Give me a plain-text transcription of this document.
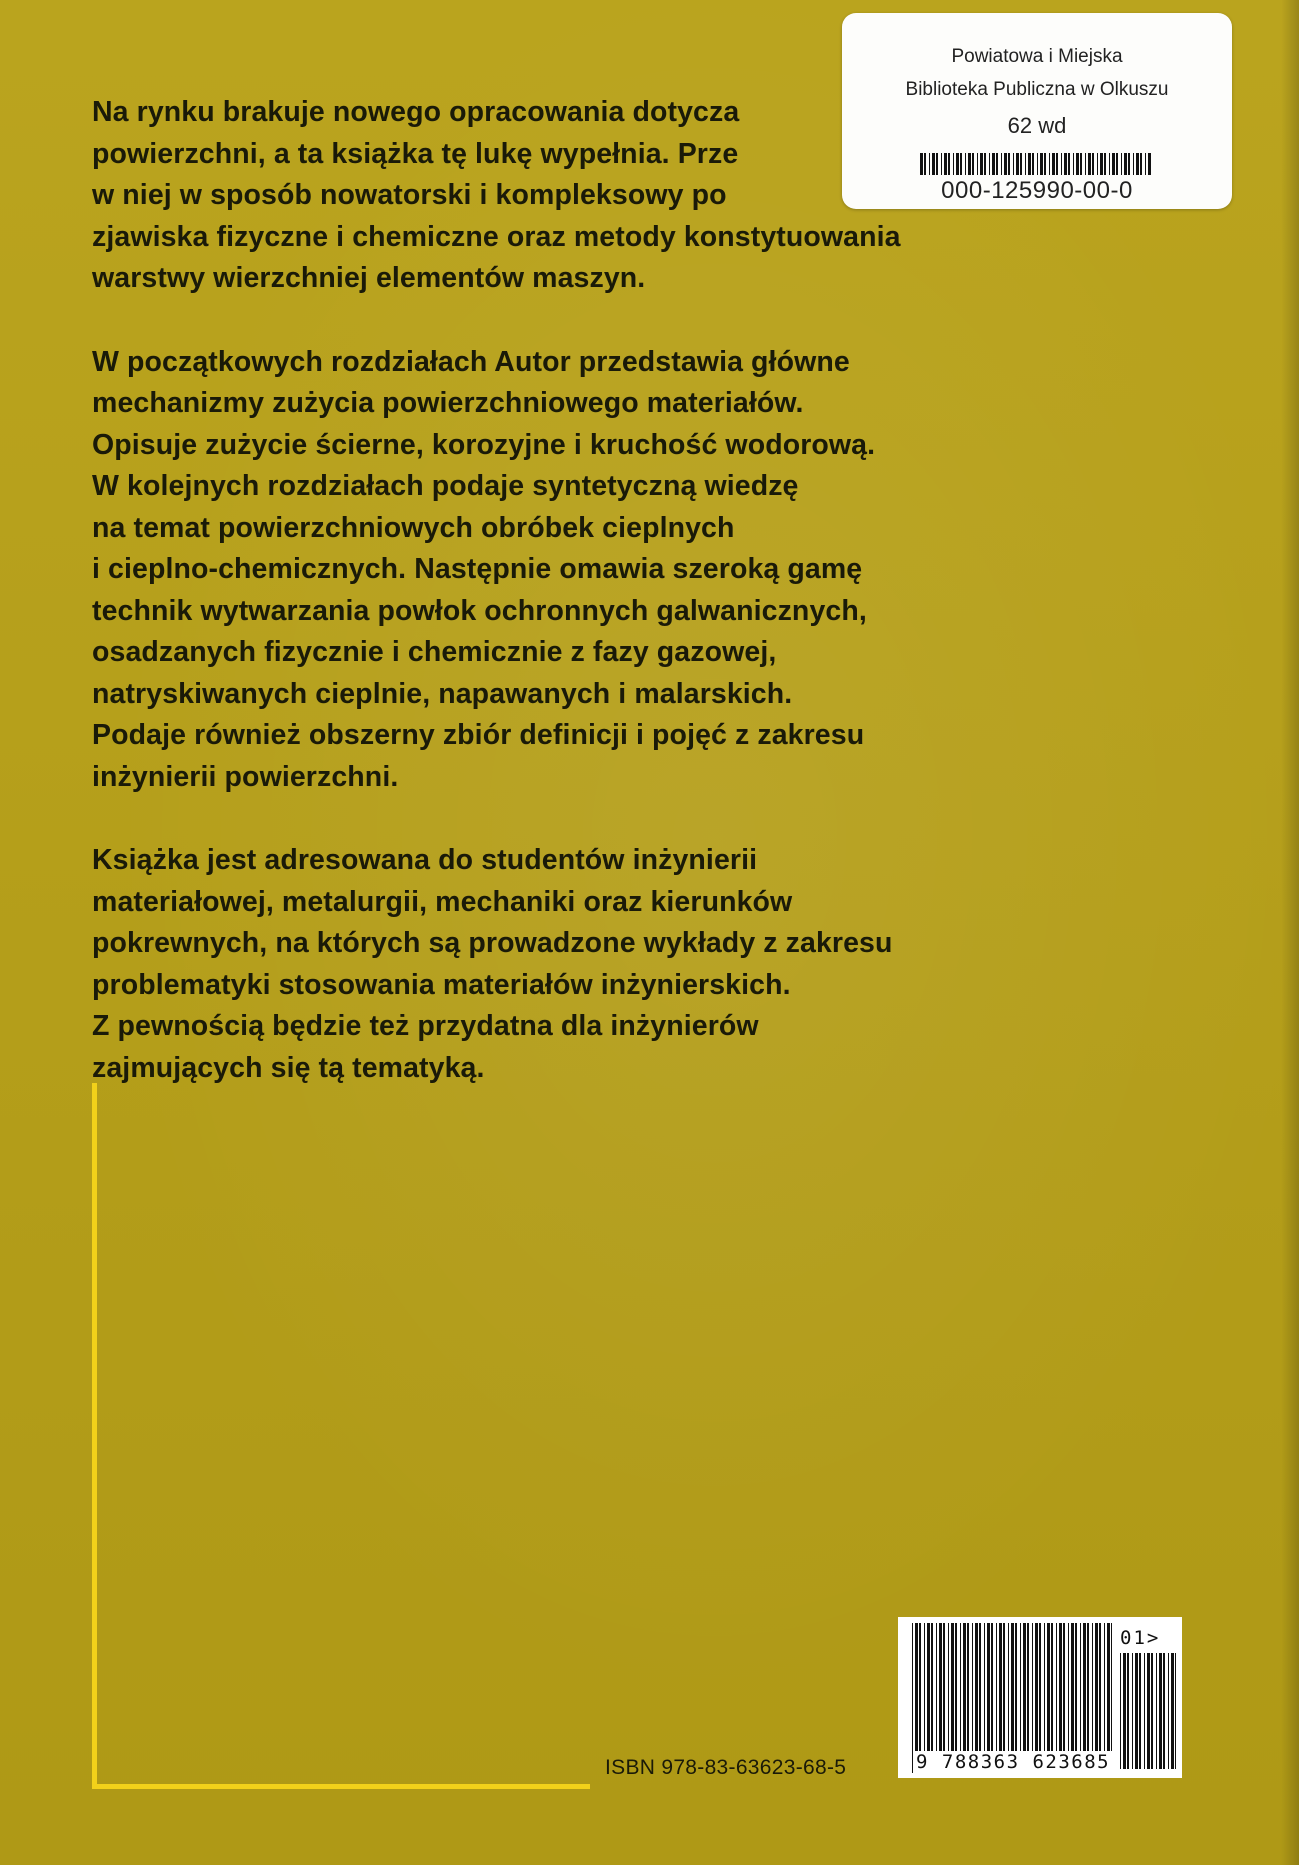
Na rynku brakuje nowego opracowania dotycza
powierzchni, a ta książka tę lukę wypełnia. Prze
w niej w sposób nowatorski i kompleksowy po
zjawiska fizyczne i chemiczne oraz metody konstytuowania
warstwy wierzchniej elementów maszyn.
W początkowych rozdziałach Autor przedstawia główne
mechanizmy zużycia powierzchniowego materiałów.
Opisuje zużycie ścierne, korozyjne i kruchość wodorową.
W kolejnych rozdziałach podaje syntetyczną wiedzę
na temat powierzchniowych obróbek cieplnych
i cieplno-chemicznych. Następnie omawia szeroką gamę
technik wytwarzania powłok ochronnych galwanicznych,
osadzanych fizycznie i chemicznie z fazy gazowej,
natryskiwanych cieplnie, napawanych i malarskich.
Podaje również obszerny zbiór definicji i pojęć z zakresu
inżynierii powierzchni.
Książka jest adresowana do studentów inżynierii
materiałowej, metalurgii, mechaniki oraz kierunków
pokrewnych, na których są prowadzone wykłady z zakresu
problematyki stosowania materiałów inżynierskich.
Z pewnością będzie też przydatna dla inżynierów
zajmujących się tą tematyką.
ISBN 978-83-63623-68-5
01>
9 788363 623685
Powiatowa i Miejska
Biblioteka Publiczna w Olkuszu
62 wd
000-125990-00-0
